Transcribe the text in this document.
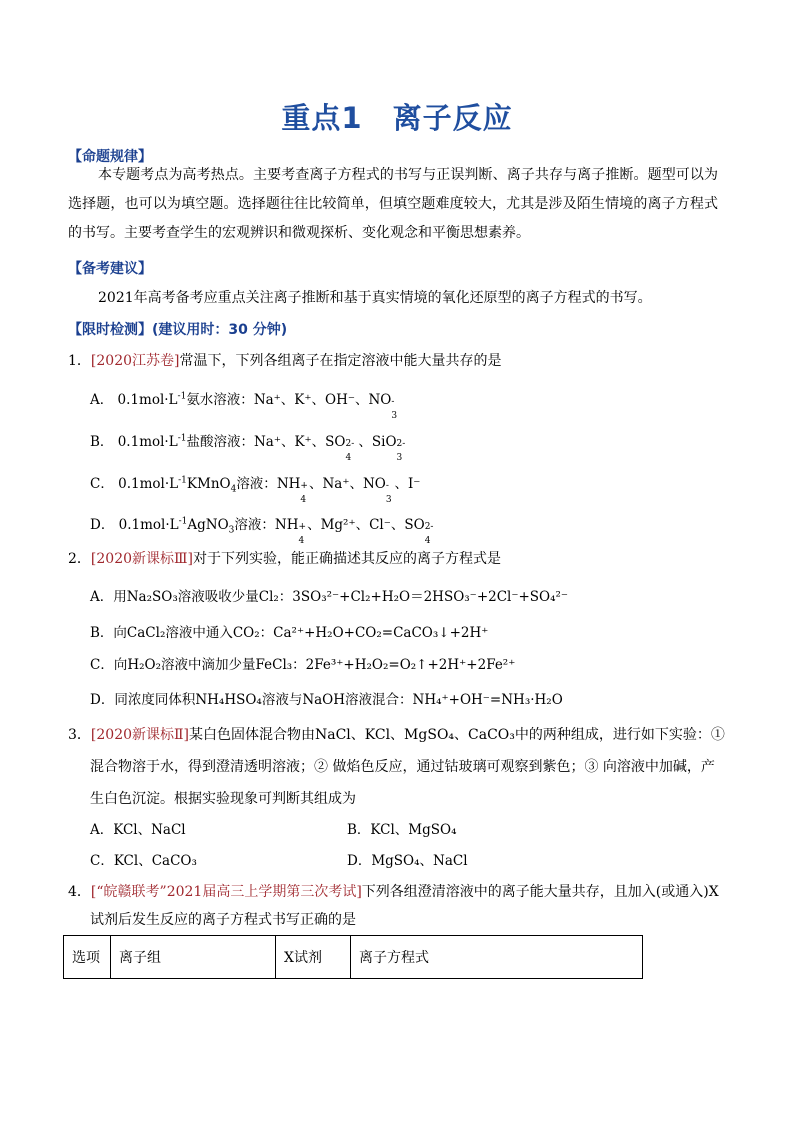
重点1 离子反应
【命题规律】
本专题考点为高考热点。主要考查离子方程式的书写与正误判断、离子共存与离子推断。题型可以为选择题，也可以为填空题。选择题往往比较简单，但填空题难度较大，尤其是涉及陌生情境的离子方程式的书写。主要考查学生的宏观辨识和微观探析、变化观念和平衡思想素养。
【备考建议】
2021年高考备考应重点关注离子推断和基于真实情境的氧化还原型的离子方程式的书写。
【限时检测】(建议用时：30 分钟)
1．[2020江苏卷]常温下，下列各组离子在指定溶液中能大量共存的是
A． $0.1mol\cdot L^{-1}$氨水溶液：Na⁺、K⁺、OH⁻、NO -
3
B． $0.1mol\cdot L^{-1}$盐酸溶液：Na⁺、K⁺、SO 2-
4
、SiO 2-
3
C． $0.1mol\cdot L^{-1}KMnO_4$溶液：NH +
4
、Na⁺、NO -
3
、I⁻
D． $0.1mol\cdot L^{-1}AgNO_3$溶液：NH +
4
、Mg²⁺、Cl⁻、SO 2-
4
2．[2020新课标Ⅲ]对于下列实验，能正确描述其反应的离子方程式是
A．用Na₂SO₃溶液吸收少量Cl₂：3SO₃²⁻+Cl₂+H₂O＝2HSO₃⁻+2Cl⁻+SO₄²⁻
B．向CaCl₂溶液中通入CO₂：Ca²⁺+H₂O+CO₂=CaCO₃↓+2H⁺
C．向H₂O₂溶液中滴加少量FeCl₃：2Fe³⁺+H₂O₂=O₂↑+2H⁺+2Fe²⁺
D．同浓度同体积NH₄HSO₄溶液与NaOH溶液混合：NH₄⁺+OH⁻=NH₃·H₂O
3．[2020新课标Ⅱ]某白色固体混合物由NaCl、KCl、MgSO₄、CaCO₃中的两种组成，进行如下实验：①
混合物溶于水，得到澄清透明溶液；② 做焰色反应，通过钴玻璃可观察到紫色；③ 向溶液中加碱，产
生白色沉淀。根据实验现象可判断其组成为
A．KCl、NaCl	B．KCl、MgSO₄
C．KCl、CaCO₃	D．MgSO₄、NaCl
4．[“皖赣联考”2021届高三上学期第三次考试]下列各组澄清溶液中的离子能大量共存，且加入(或通入)X
试剂后发生反应的离子方程式书写正确的是
选项	离子组	X试剂	离子方程式
